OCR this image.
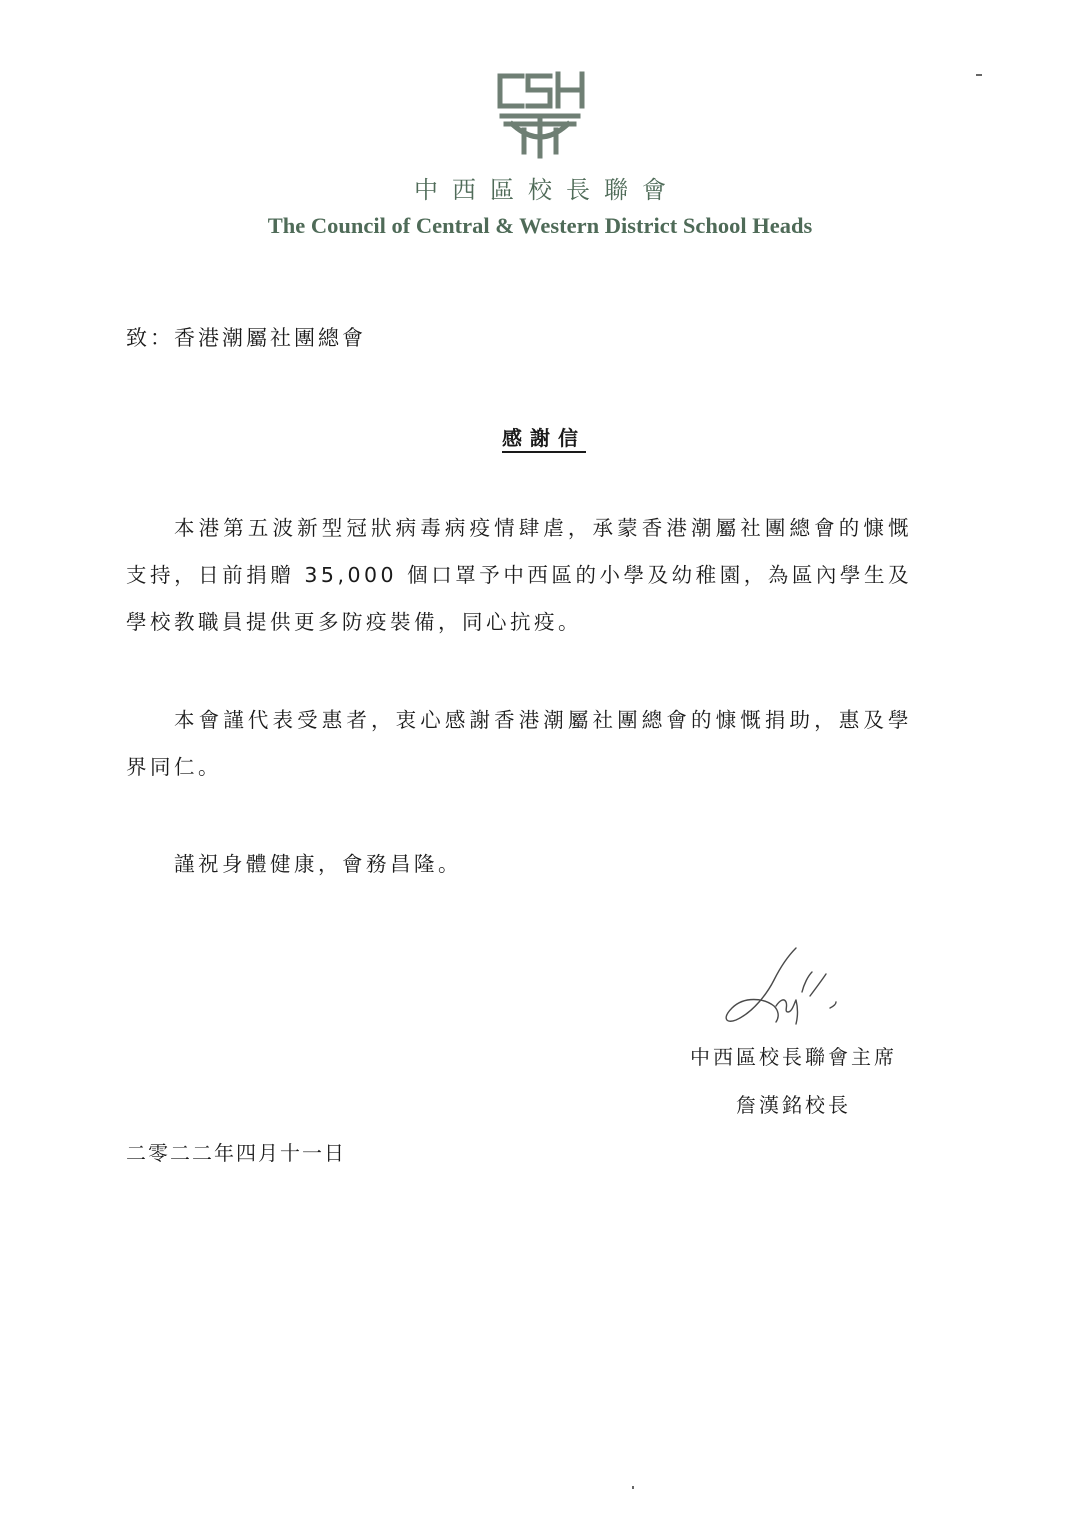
中西區校長聯會
The Council of Central & Western District School Heads
致：香港潮屬社團總會
感謝信

本港第五波新型冠狀病毒病疫情肆虐，承蒙香港潮屬社團總會的慷慨支持，日前捐贈 35,000 個口罩予中西區的小學及幼稚園，為區內學生及學校教職員提供更多防疫裝備，同心抗疫。

本會謹代表受惠者，衷心感謝香港潮屬社團總會的慷慨捐助，惠及學界同仁。

謹祝身體健康，會務昌隆。

中西區校長聯會主席
詹漢銘校長
二零二二年四月十一日
